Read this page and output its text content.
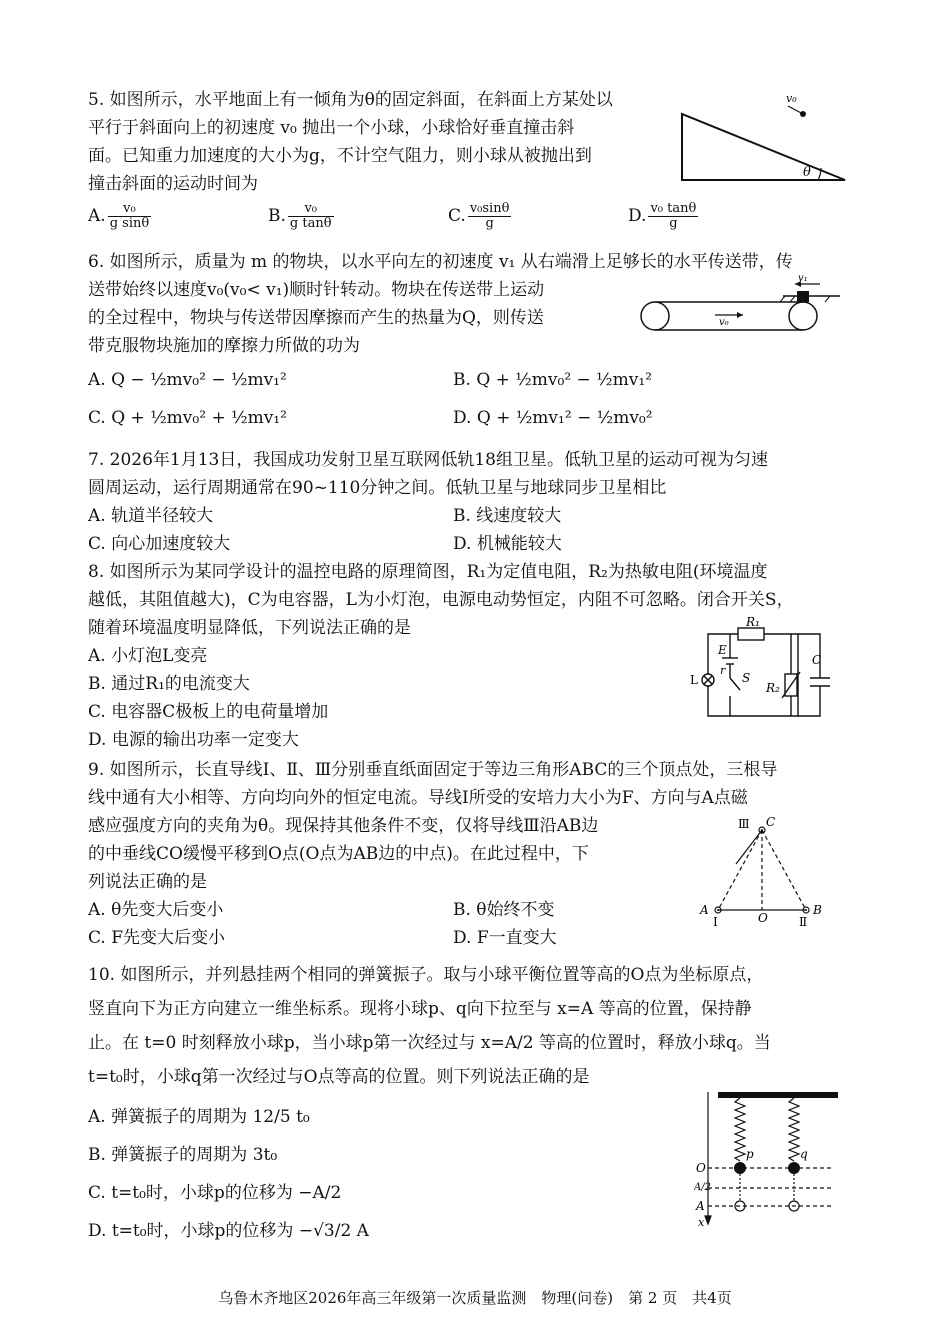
5. 如图所示，水平地面上有一倾角为θ的固定斜面，在斜面上方某处以
平行于斜面向上的初速度 v₀ 抛出一个小球，小球恰好垂直撞击斜
面。已知重力加速度的大小为g，不计空气阻力，则小球从被抛出到
撞击斜面的运动时间为
A. $\frac{\text{v₀}}{\text{g sinθ}}$	B. $\frac{\text{v₀}}{\text{g tanθ}}$	C. $\frac{\text{v₀sinθ}}{g}$	D. $\frac{\text{v₀ tanθ}}{g}$
θ
v₀
6. 如图所示，质量为 m 的物块，以水平向左的初速度 v₁ 从右端滑上足够长的水平传送带，传
送带始终以速度v₀(v₀< v₁)顺时针转动。物块在传送带上运动
的全过程中，物块与传送带因摩擦而产生的热量为Q，则传送
带克服物块施加的摩擦力所做的功为
A. Q − ½mv₀² − ½mv₁²	B. Q + ½mv₀² − ½mv₁²
C. Q + ½mv₀² + ½mv₁²	D. Q + ½mv₁² − ½mv₀²
v₁
v₀
7. 2026年1月13日，我国成功发射卫星互联网低轨18组卫星。低轨卫星的运动可视为匀速
圆周运动，运行周期通常在90~110分钟之间。低轨卫星与地球同步卫星相比
A. 轨道半径较大	B. 线速度较大
C. 向心加速度较大	D. 机械能较大
8. 如图所示为某同学设计的温控电路的原理简图，R₁为定值电阻，R₂为热敏电阻(环境温度
越低，其阻值越大)，C为电容器，L为小灯泡，电源电动势恒定，内阻不可忽略。闭合开关S，
随着环境温度明显降低，下列说法正确的是
A. 小灯泡L变亮
B. 通过R₁的电流变大
C. 电容器C极板上的电荷量增加
D. 电源的输出功率一定变大
R₁
E
r
S
R₂
C
L
9. 如图所示，长直导线Ⅰ、Ⅱ、Ⅲ分别垂直纸面固定于等边三角形ABC的三个顶点处，三根导
线中通有大小相等、方向均向外的恒定电流。导线Ⅰ所受的安培力大小为F、方向与A点磁
感应强度方向的夹角为θ。现保持其他条件不变，仅将导线Ⅲ沿AB边
的中垂线CO缓慢平移到O点(O点为AB边的中点)。在此过程中，下
列说法正确的是
A. θ先变大后变小	B. θ始终不变
C. F先变大后变小	D. F一直变大
Ⅲ C
A
O
B
Ⅰ	Ⅱ
10. 如图所示，并列悬挂两个相同的弹簧振子。取与小球平衡位置等高的O点为坐标原点，
竖直向下为正方向建立一维坐标系。现将小球p、q向下拉至与 x=A 等高的位置，保持静
止。在 t=0 时刻释放小球p，当小球p第一次经过与 x=A/2 等高的位置时，释放小球q。当
t=t₀时，小球q第一次经过与O点等高的位置。则下列说法正确的是
A. 弹簧振子的周期为 12/5 t₀
B. 弹簧振子的周期为 3t₀
C. t=t₀时，小球p的位移为 −A/2
D. t=t₀时，小球p的位移为 −√3/2 A
O
A/2
A
x
p	q
乌鲁木齐地区2026年高三年级第一次质量监测　物理(问卷)　第 2 页　共4页
